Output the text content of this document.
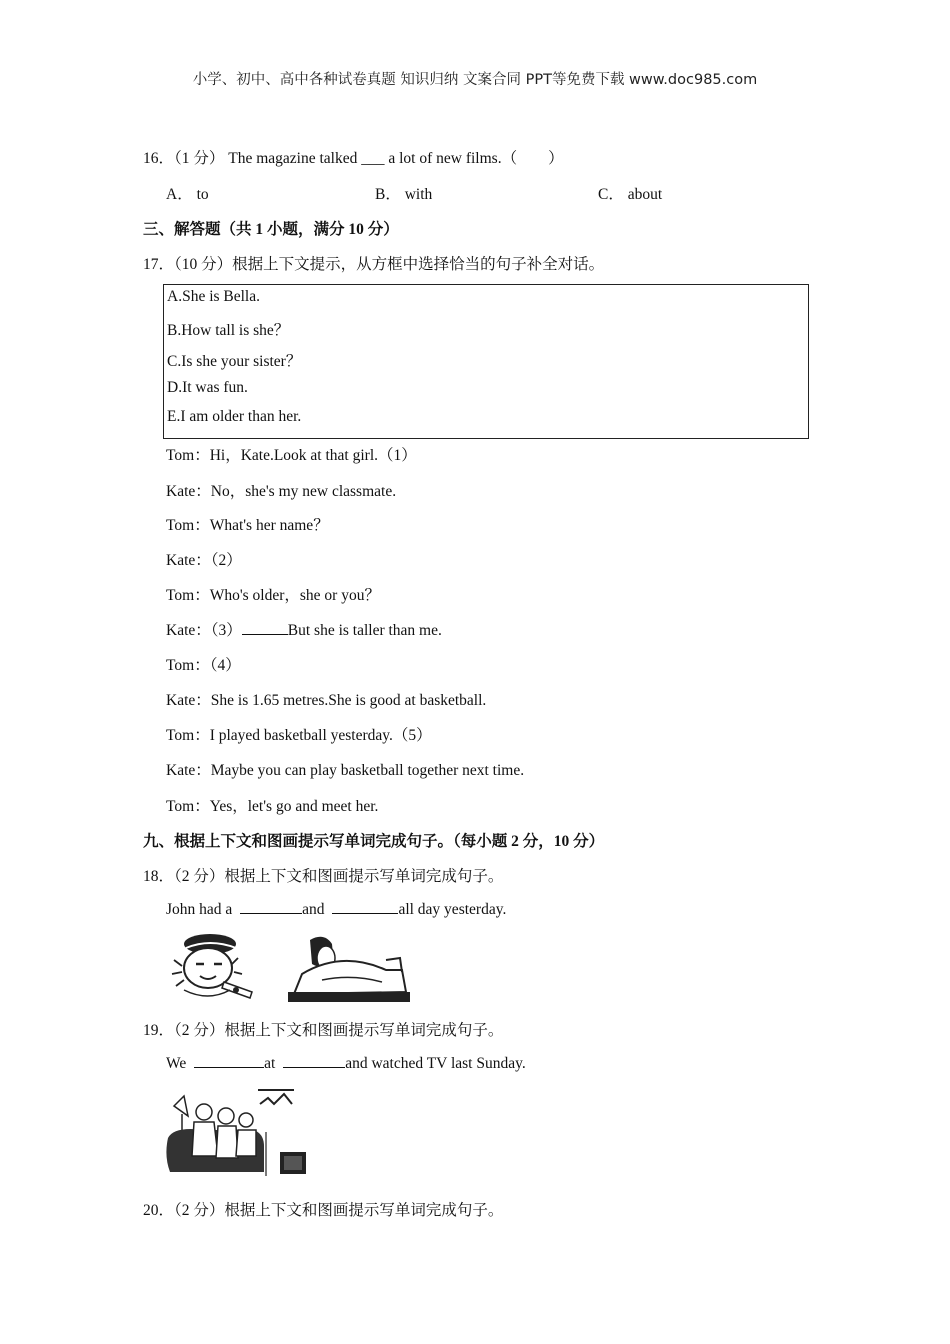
小学、初中、高中各种试卷真题 知识归纳 文案合同 PPT等免费下载 www.doc985.com
16．（1 分） The magazine talked ___ a lot of new films.（　　）
A． to	B． with	C． about
三、解答题（共 1 小题，满分 10 分）
17．（10 分）根据上下文提示，从方框中选择恰当的句子补全对话。
A.She is Bella.
B.How tall is she？
C.Is she your sister？
D.It was fun.
E.I am older than her.
Tom：Hi，Kate.Look at that girl.（1）
Kate：No，she's my new classmate.
Tom：What's her name？
Kate：（2）
Tom：Who's older，she or you？
Kate：（3）	But she is taller than me.
Tom：（4）
Kate：She is 1.65 metres.She is good at basketball.
Tom：I played basketball yesterday.（5）
Kate：Maybe you can play basketball together next time.
Tom：Yes，let's go and meet her.
九、根据上下文和图画提示写单词完成句子。（每小题 2 分，10 分）
18．（2 分）根据上下文和图画提示写单词完成句子。
John had a	and	all day yesterday.
19．（2 分）根据上下文和图画提示写单词完成句子。
We	at	and watched TV last Sunday.
20．（2 分）根据上下文和图画提示写单词完成句子。
